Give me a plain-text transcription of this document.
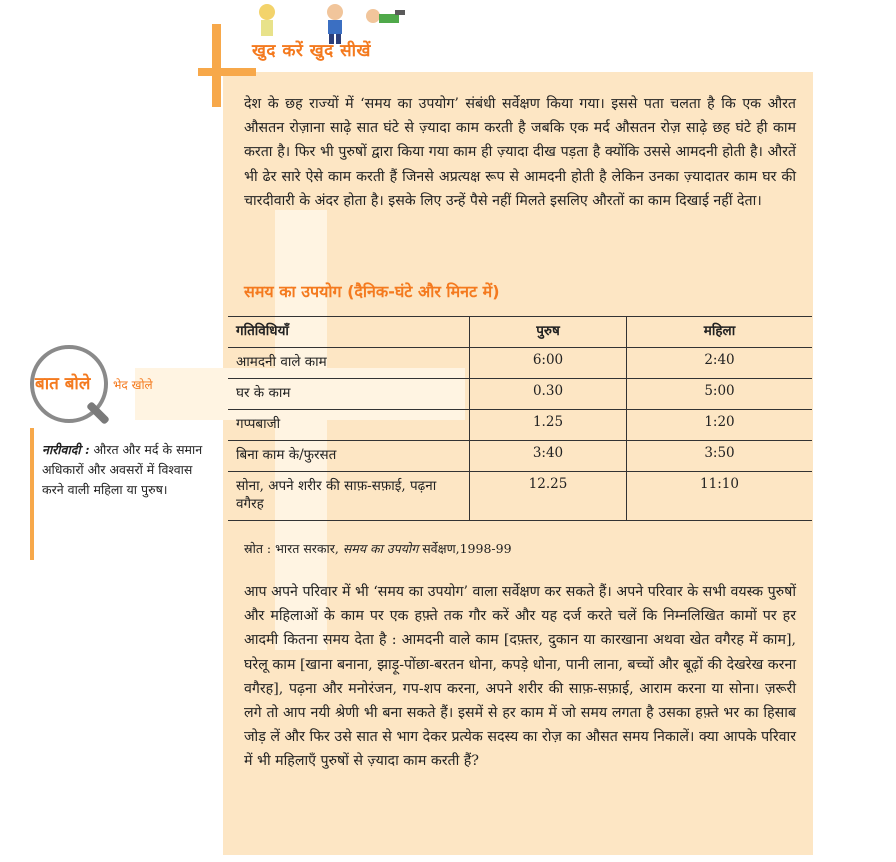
खुद करें खुद सीखें

देश के छह राज्यों में ‘समय का उपयोग’ संबंधी सर्वेक्षण किया गया। इससे पता चलता है कि एक औरत औसतन रोज़ाना साढ़े सात घंटे से ज़्यादा काम करती है जबकि एक मर्द औसतन रोज़ साढ़े छह घंटे ही काम करता है। फिर भी पुरुषों द्वारा किया गया काम ही ज़्यादा दीख पड़ता है क्योंकि उससे आमदनी होती है। औरतें भी ढेर सारे ऐसे काम करती हैं जिनसे अप्रत्यक्ष रूप से आमदनी होती है लेकिन उनका ज़्यादातर काम घर की चारदीवारी के अंदर होता है। इसके लिए उन्हें पैसे नहीं मिलते इसलिए औरतों का काम दिखाई नहीं देता।

समय का उपयोग (दैनिक-घंटे और मिनट में)
गतिविधियाँ	पुरुष	महिला
आमदनी वाले काम	6:00	2:40
घर के काम	0.30	5:00
गप्पबाजी	1.25	1:20
बिना काम के/फुरसत	3:40	3:50
सोना, अपने शरीर की साफ़-सफ़ाई, पढ़ना वगैरह	12.25	11:10
स्रोत : भारत सरकार, समय का उपयोग सर्वेक्षण,1998-99

आप अपने परिवार में भी ‘समय का उपयोग’ वाला सर्वेक्षण कर सकते हैं। अपने परिवार के सभी वयस्क पुरुषों और महिलाओं के काम पर एक हफ़्ते तक गौर करें और यह दर्ज करते चलें कि निम्नलिखित कामों पर हर आदमी कितना समय देता है : आमदनी वाले काम [दफ़्तर, दुकान या कारखाना अथवा खेत वगैरह में काम], घरेलू काम [खाना बनाना, झाड़ू-पोंछा-बरतन धोना, कपड़े धोना, पानी लाना, बच्चों और बूढ़ों की देखरेख करना वगैरह], पढ़ना और मनोरंजन, गप-शप करना, अपने शरीर की साफ़-सफ़ाई, आराम करना या सोना। ज़रूरी लगे तो आप नयी श्रेणी भी बना सकते हैं। इसमें से हर काम में जो समय लगता है उसका हफ़्ते भर का हिसाब जोड़ लें और फिर उसे सात से भाग देकर प्रत्येक सदस्य का रोज़ का औसत समय निकालें। क्या आपके परिवार में भी महिलाएँ पुरुषों से ज़्यादा काम करती हैं?

बात बोले भेद खोले
नारीवादी : औरत और मर्द के समान अधिकारों और अवसरों में विश्वास करने वाली महिला या पुरुष।
